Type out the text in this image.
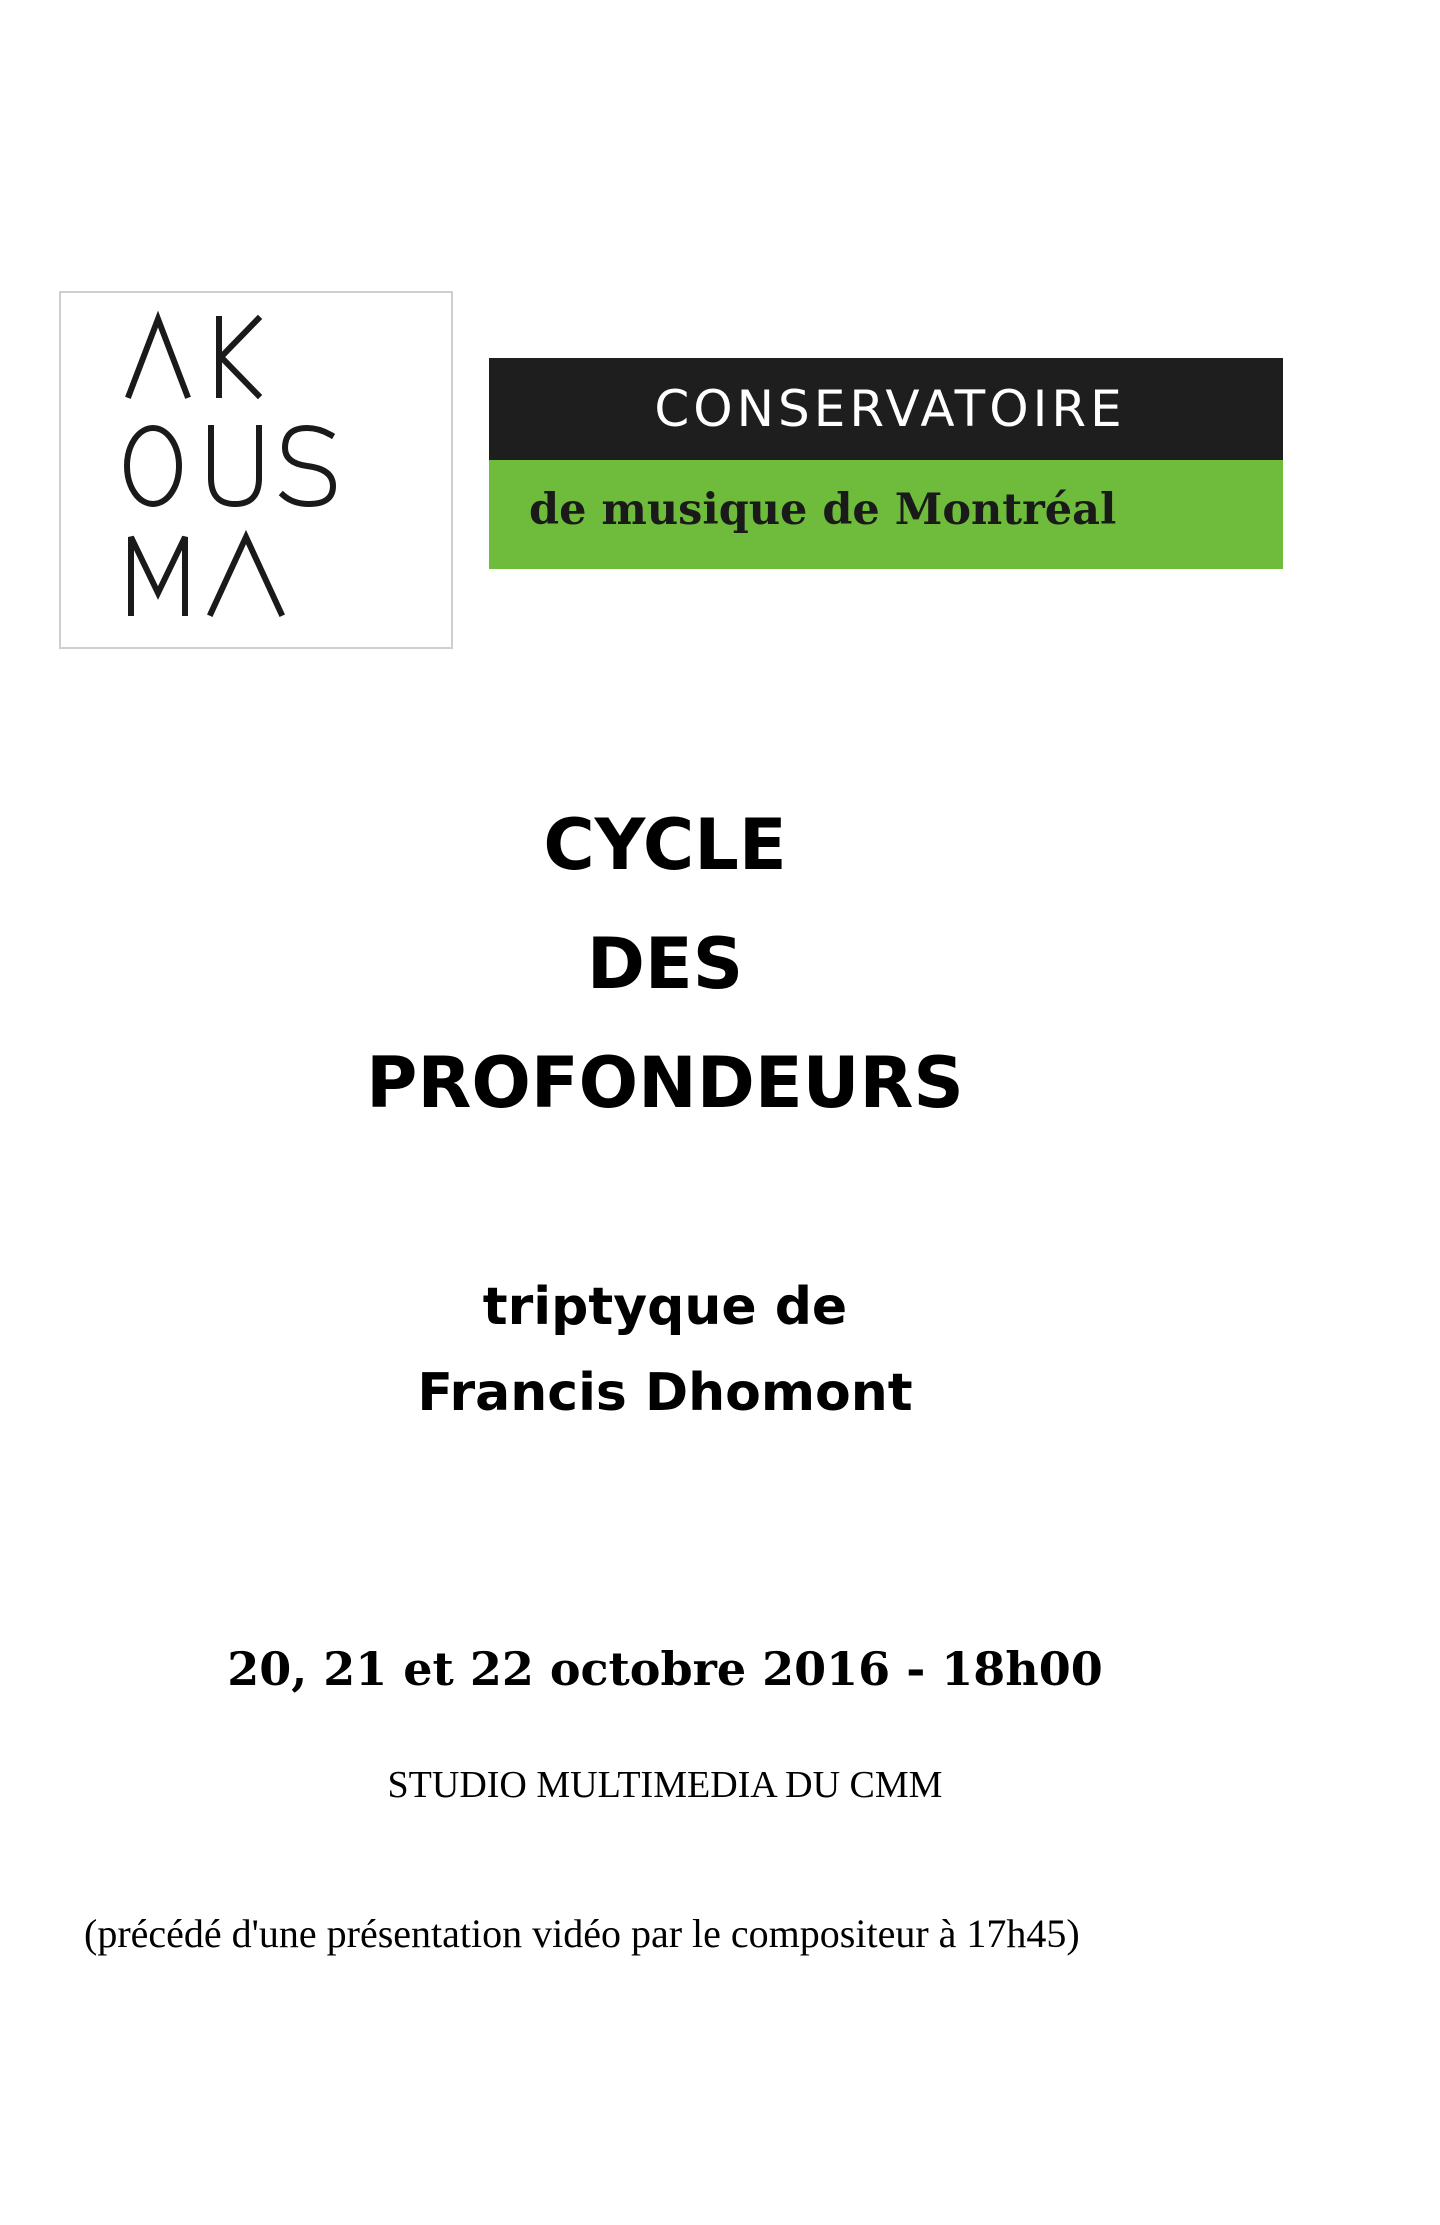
CONSERVATOIRE
de musique de Montréal
CYCLE
DES
PROFONDEURS
triptyque de
Francis Dhomont
20, 21 et 22 octobre 2016 - 18h00
STUDIO MULTIMEDIA DU CMM
(précédé d'une présentation vidéo par le compositeur à 17h45)
